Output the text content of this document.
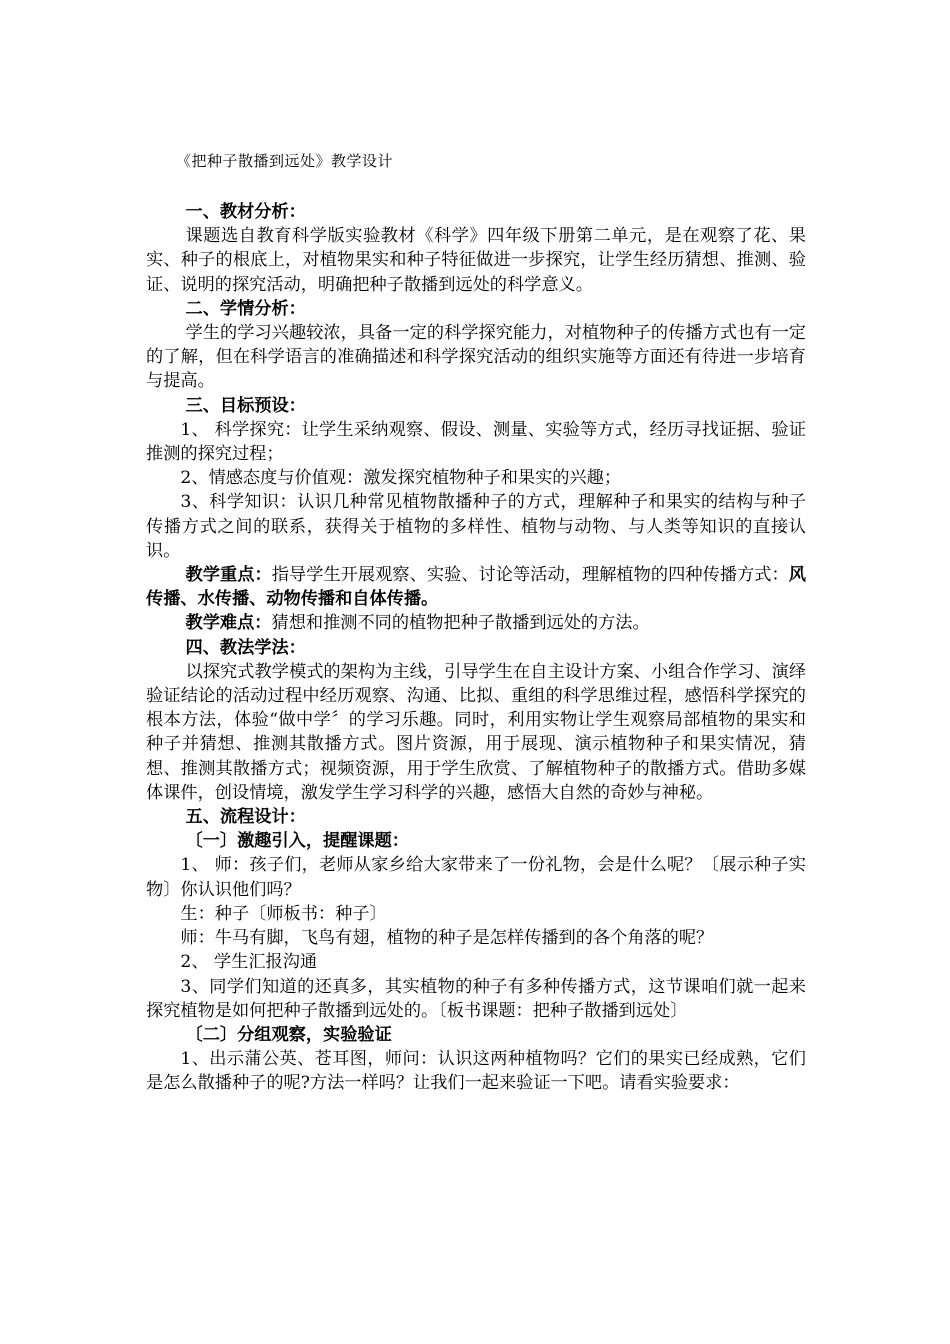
《把种子散播到远处》教学设计

一、教材分析：

课题选自教育科学版实验教材《科学》四年级下册第二单元，是在观察了花、果实、种子的根底上，对植物果实和种子特征做进一步探究，让学生经历猜想、推测、验证、说明的探究活动，明确把种子散播到远处的科学意义。

二、学情分析：

学生的学习兴趣较浓，具备一定的科学探究能力，对植物种子的传播方式也有一定的了解，但在科学语言的准确描述和科学探究活动的组织实施等方面还有待进一步培育与提高。

三、目标预设：

1、 科学探究：让学生采纳观察、假设、测量、实验等方式，经历寻找证据、验证推测的探究过程；

2、情感态度与价值观：激发探究植物种子和果实的兴趣；

3、科学知识：认识几种常见植物散播种子的方式，理解种子和果实的结构与种子传播方式之间的联系，获得关于植物的多样性、植物与动物、与人类等知识的直接认识。

教学重点：指导学生开展观察、实验、讨论等活动，理解植物的四种传播方式：风传播、水传播、动物传播和自体传播。

教学难点：猜想和推测不同的植物把种子散播到远处的方法。

四、教法学法：

以探究式教学模式的架构为主线，引导学生在自主设计方案、小组合作学习、演绎验证结论的活动过程中经历观察、沟通、比拟、重组的科学思维过程，感悟科学探究的根本方法，体验“做中学〞的学习乐趣。同时，利用实物让学生观察局部植物的果实和种子并猜想、推测其散播方式。图片资源，用于展现、演示植物种子和果实情况，猜想、推测其散播方式；视频资源，用于学生欣赏、了解植物种子的散播方式。借助多媒体课件，创设情境，激发学生学习科学的兴趣，感悟大自然的奇妙与神秘。

五、流程设计：

〔一〕激趣引入，提醒课题：

1、 师：孩子们，老师从家乡给大家带来了一份礼物，会是什么呢？〔展示种子实物〕你认识他们吗？

生：种子〔师板书：种子〕

师：牛马有脚，飞鸟有翅，植物的种子是怎样传播到的各个角落的呢？

2、 学生汇报沟通

3、同学们知道的还真多，其实植物的种子有多种传播方式，这节课咱们就一起来探究植物是如何把种子散播到远处的。〔板书课题：把种子散播到远处〕

〔二〕分组观察，实验验证

1、出示蒲公英、苍耳图，师问：认识这两种植物吗？它们的果实已经成熟，它们是怎么散播种子的呢?方法一样吗？让我们一起来验证一下吧。请看实验要求：
